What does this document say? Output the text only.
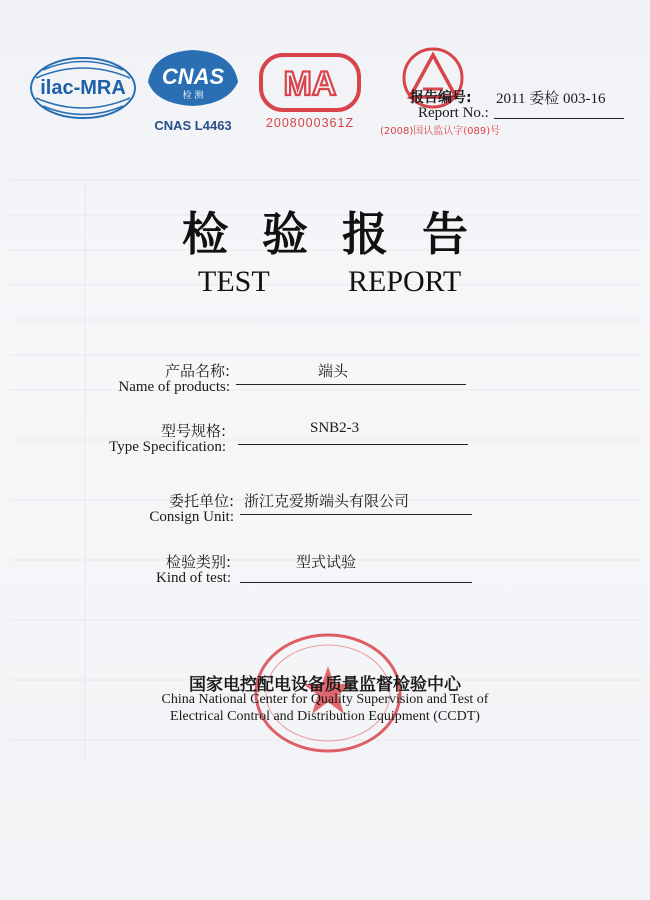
ilac-MRA CNAS
检 测
CNAS L4463
MA
2008000361Z
(2008)国认监认字(089)号
报告编号: 2011 委检 003-16
Report No.:
检验报告
TEST	REPORT
产品名称:
Name of products:
端头
型号规格:
Type Specification:
SNB2-3
委托单位:
Consign Unit:
浙江克爱斯端头有限公司
检验类别:
Kind of test:
型式试验
国家电控配电设备质量监督检验中心
China National Center for Quality Supervision and Test of
Electrical Control and Distribution Equipment (CCDT)
